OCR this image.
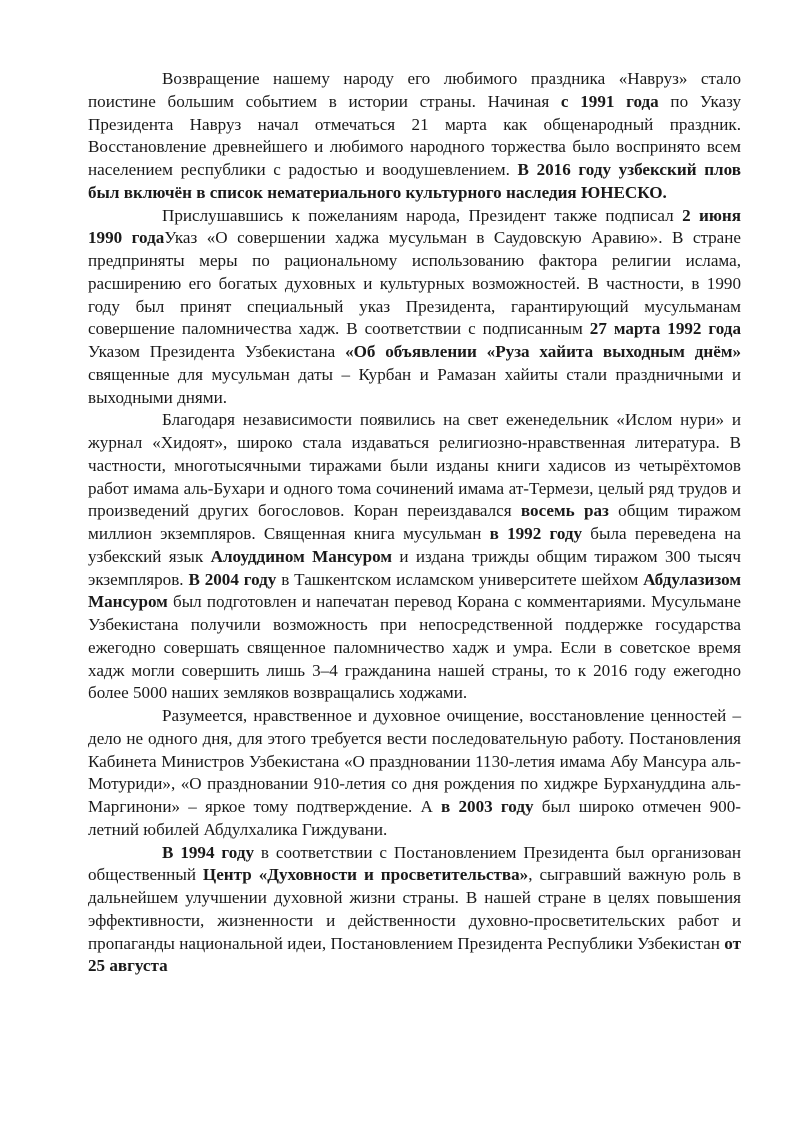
Возвращение нашему народу его любимого праздника «Навруз» стало поистине большим событием в истории страны. Начиная с 1991 года по Указу Президента Навруз начал отмечаться 21 марта как общенародный праздник. Восстановление древнейшего и любимого народного торжества было воспринято всем населением республики с радостью и воодушевлением. В 2016 году узбекский плов был включён в список нематериального культурного наследия ЮНЕСКО.

Прислушавшись к пожеланиям народа, Президент также подписал 2 июня 1990 годаУказ «О совершении хаджа мусульман в Саудовскую Аравию». В стране предприняты меры по рациональному использованию фактора религии ислама, расширению его богатых духовных и культурных возможностей. В частности, в 1990 году был принят специальный указ Президента, гарантирующий мусульманам совершение паломничества хадж. В соответствии с подписанным 27 марта 1992 года Указом Президента Узбекистана «Об объявлении «Руза хайита выходным днём» священные для мусульман даты – Курбан и Рамазан хайиты стали праздничными и выходными днями.

Благодаря независимости появились на свет еженедельник «Ислом нури» и журнал «Хидоят», широко стала издаваться религиозно-нравственная литература. В частности, многотысячными тиражами были изданы книги хадисов из четырёхтомов работ имама аль-Бухари и одного тома сочинений имама ат-Термези, целый ряд трудов и произведений других богословов. Коран переиздавался восемь раз общим тиражом миллион экземпляров. Священная книга мусульман в 1992 году была переведена на узбекский язык Алоуддином Мансуром и издана трижды общим тиражом 300 тысяч экземпляров. В 2004 году в Ташкентском исламском университете шейхом Абдулазизом Мансуром был подготовлен и напечатан перевод Корана с комментариями. Мусульмане Узбекистана получили возможность при непосредственной поддержке государства ежегодно совершать священное паломничество хадж и умра. Если в советское время хадж могли совершить лишь 3–4 гражданина нашей страны, то к 2016 году ежегодно более 5000 наших земляков возвращались ходжами.

Разумеется, нравственное и духовное очищение, восстановление ценностей – дело не одного дня, для этого требуется вести последовательную работу. Постановления Кабинета Министров Узбекистана «О праздновании 1130-летия имама Абу Мансура аль-Мотуриди», «О праздновании 910-летия со дня рождения по хиджре Бурхануддина аль-Маргинони» – яркое тому подтверждение. А в 2003 году был широко отмечен 900-летний юбилей Абдулхалика Гиждувани.

В 1994 году в соответствии с Постановлением Президента был организован общественный Центр «Духовности и просветительства», сыгравший важную роль в дальнейшем улучшении духовной жизни страны. В нашей стране в целях повышения эффективности, жизненности и действенности духовно-просветительских работ и пропаганды национальной идеи, Постановлением Президента Республики Узбекистан от 25 августа
